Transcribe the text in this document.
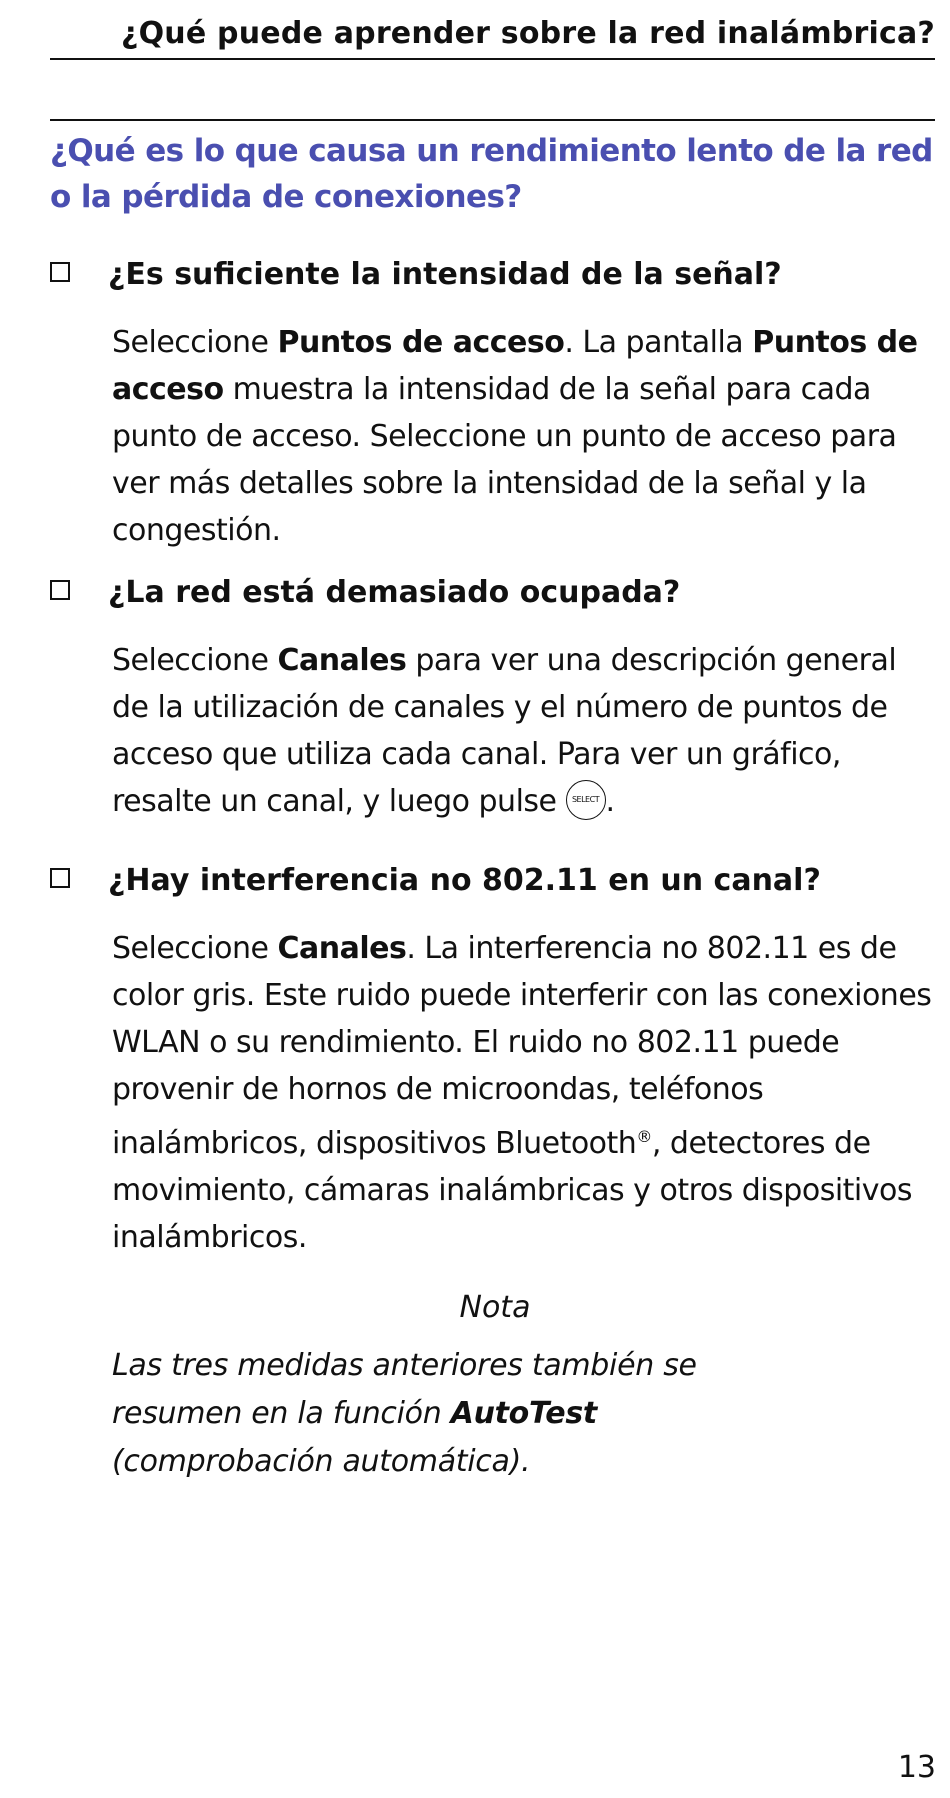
¿Qué puede aprender sobre la red inalámbrica?
¿Qué es lo que causa un rendimiento lento de la red o la pérdida de conexiones?
¿Es suficiente la intensidad de la señal?

Seleccione Puntos de acceso. La pantalla Puntos de acceso muestra la intensidad de la señal para cada punto de acceso. Seleccione un punto de acceso para ver más detalles sobre la intensidad de la señal y la congestión.

¿La red está demasiado ocupada?

Seleccione Canales para ver una descripción general de la utilización de canales y el número de puntos de acceso que utiliza cada canal. Para ver un gráfico, resalte un canal, y luego pulse SELECT .

¿Hay interferencia no 802.11 en un canal?

Seleccione Canales. La interferencia no 802.11 es de color gris. Este ruido puede interferir con las conexiones WLAN o su rendimiento. El ruido no 802.11 puede provenir de hornos de microondas, teléfonos inalámbricos, dispositivos Bluetooth®, detectores de movimiento, cámaras inalámbricas y otros dispositivos inalámbricos.

Nota

Las tres medidas anteriores también se resumen en la función AutoTest (comprobación automática).

13
